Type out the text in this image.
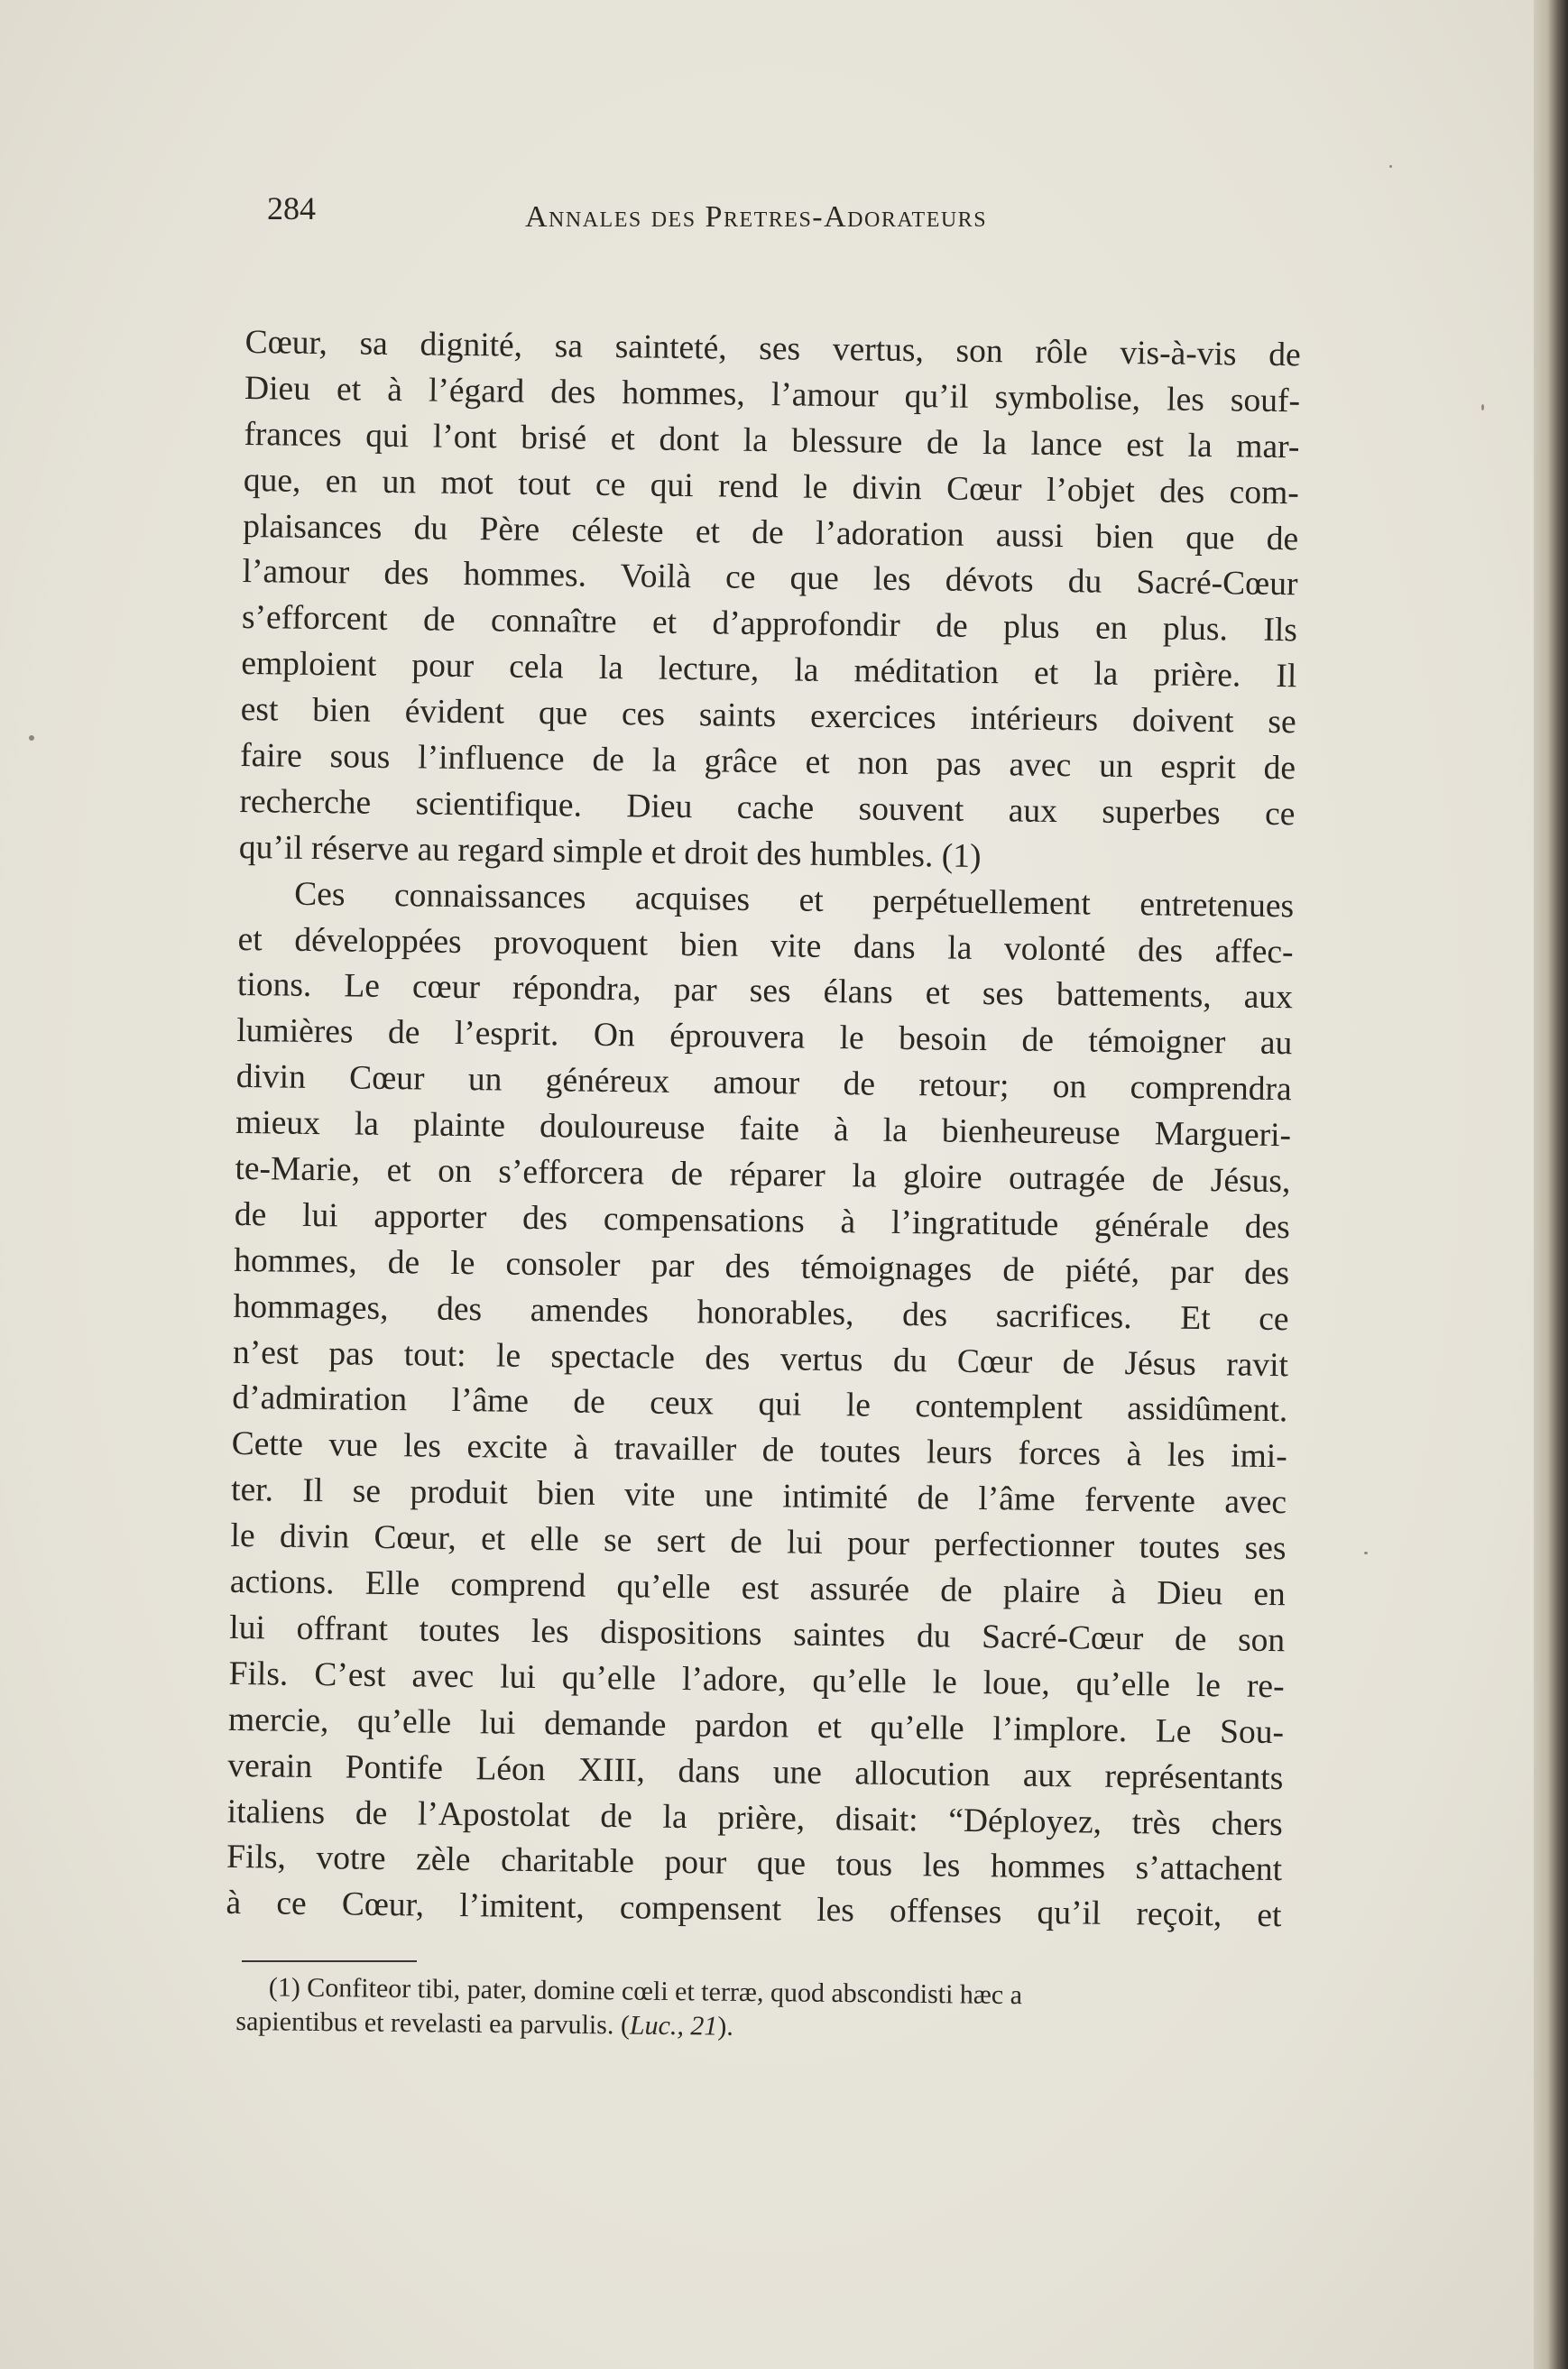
284	Annales des Pretres-Adorateurs
Cœur, sa dignité, sa sainteté, ses vertus, son rôle vis-à-vis de
Dieu et à l’égard des hommes, l’amour qu’il symbolise, les souf-
frances qui l’ont brisé et dont la blessure de la lance est la mar-
que, en un mot tout ce qui rend le divin Cœur l’objet des com-
plaisances du Père céleste et de l’adoration aussi bien que de
l’amour des hommes. Voilà ce que les dévots du Sacré-Cœur
s’efforcent de connaître et d’approfondir de plus en plus. Ils
emploient pour cela la lecture, la méditation et la prière. Il
est bien évident que ces saints exercices intérieurs doivent se
faire sous l’influence de la grâce et non pas avec un esprit de
recherche scientifique. Dieu cache souvent aux superbes ce
qu’il réserve au regard simple et droit des humbles. (1)
Ces connaissances acquises et perpétuellement entretenues
et développées provoquent bien vite dans la volonté des affec-
tions. Le cœur répondra, par ses élans et ses battements, aux
lumières de l’esprit. On éprouvera le besoin de témoigner au
divin Cœur un généreux amour de retour; on comprendra
mieux la plainte douloureuse faite à la bienheureuse Margueri-
te-Marie, et on s’efforcera de réparer la gloire outragée de Jésus,
de lui apporter des compensations à l’ingratitude générale des
hommes, de le consoler par des témoignages de piété, par des
hommages, des amendes honorables, des sacrifices. Et ce
n’est pas tout: le spectacle des vertus du Cœur de Jésus ravit
d’admiration l’âme de ceux qui le contemplent assidûment.
Cette vue les excite à travailler de toutes leurs forces à les imi-
ter. Il se produit bien vite une intimité de l’âme fervente avec
le divin Cœur, et elle se sert de lui pour perfectionner toutes ses
actions. Elle comprend qu’elle est assurée de plaire à Dieu en
lui offrant toutes les dispositions saintes du Sacré-Cœur de son
Fils. C’est avec lui qu’elle l’adore, qu’elle le loue, qu’elle le re-
mercie, qu’elle lui demande pardon et qu’elle l’implore. Le Sou-
verain Pontife Léon XIII, dans une allocution aux représentants
italiens de l’Apostolat de la prière, disait: “Déployez, très chers
Fils, votre zèle charitable pour que tous les hommes s’attachent
à ce Cœur, l’imitent, compensent les offenses qu’il reçoit, et
(1) Confiteor tibi, pater, domine cœli et terræ, quod abscondisti hæc a
sapientibus et revelasti ea parvulis. (Luc., 21).
